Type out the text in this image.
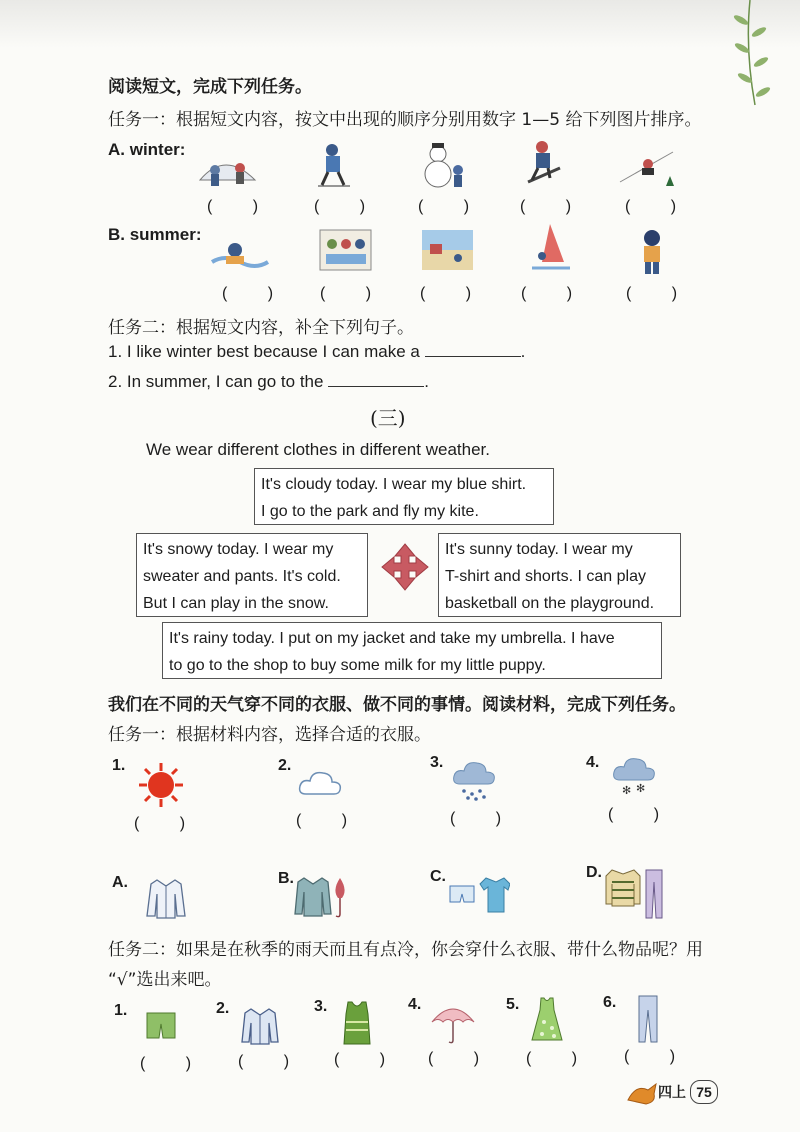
阅读短文，完成下列任务。
任务一：根据短文内容，按文中出现的顺序分别用数字 1—5 给下列图片排序。
A. winter:
B. summer:
( ) ( ) ( ) ( ) ( )
( ) ( ) ( ) ( ) ( )
任务二：根据短文内容，补全下列句子。
1. I like winter best because I can make a	.
2. In summer, I can go to the	.
(三)
We wear different clothes in different weather.
It's cloudy today. I wear my blue shirt.
I go to the park and fly my kite.
It's snowy today. I wear my
sweater and pants. It's cold.
But I can play in the snow.
It's sunny today. I wear my
T-shirt and shorts. I can play
basketball on the playground.
It's rainy today. I put on my jacket and take my umbrella. I have
to go to the shop to buy some milk for my little puppy.
我们在不同的天气穿不同的衣服、做不同的事情。阅读材料，完成下列任务。
任务一：根据材料内容，选择合适的衣服。
1.	2.	3.	4.
✻ ✻
( )	( )	( )	( )
A.	B.	C.	D.
任务二：如果是在秋季的雨天而且有点冷，你会穿什么衣服、带什么物品呢？用
“√”选出来吧。
1.	2.	3.	4.	5.	6.
( ) ( ) ( ) ( ) ( ) ( )
四上 75
